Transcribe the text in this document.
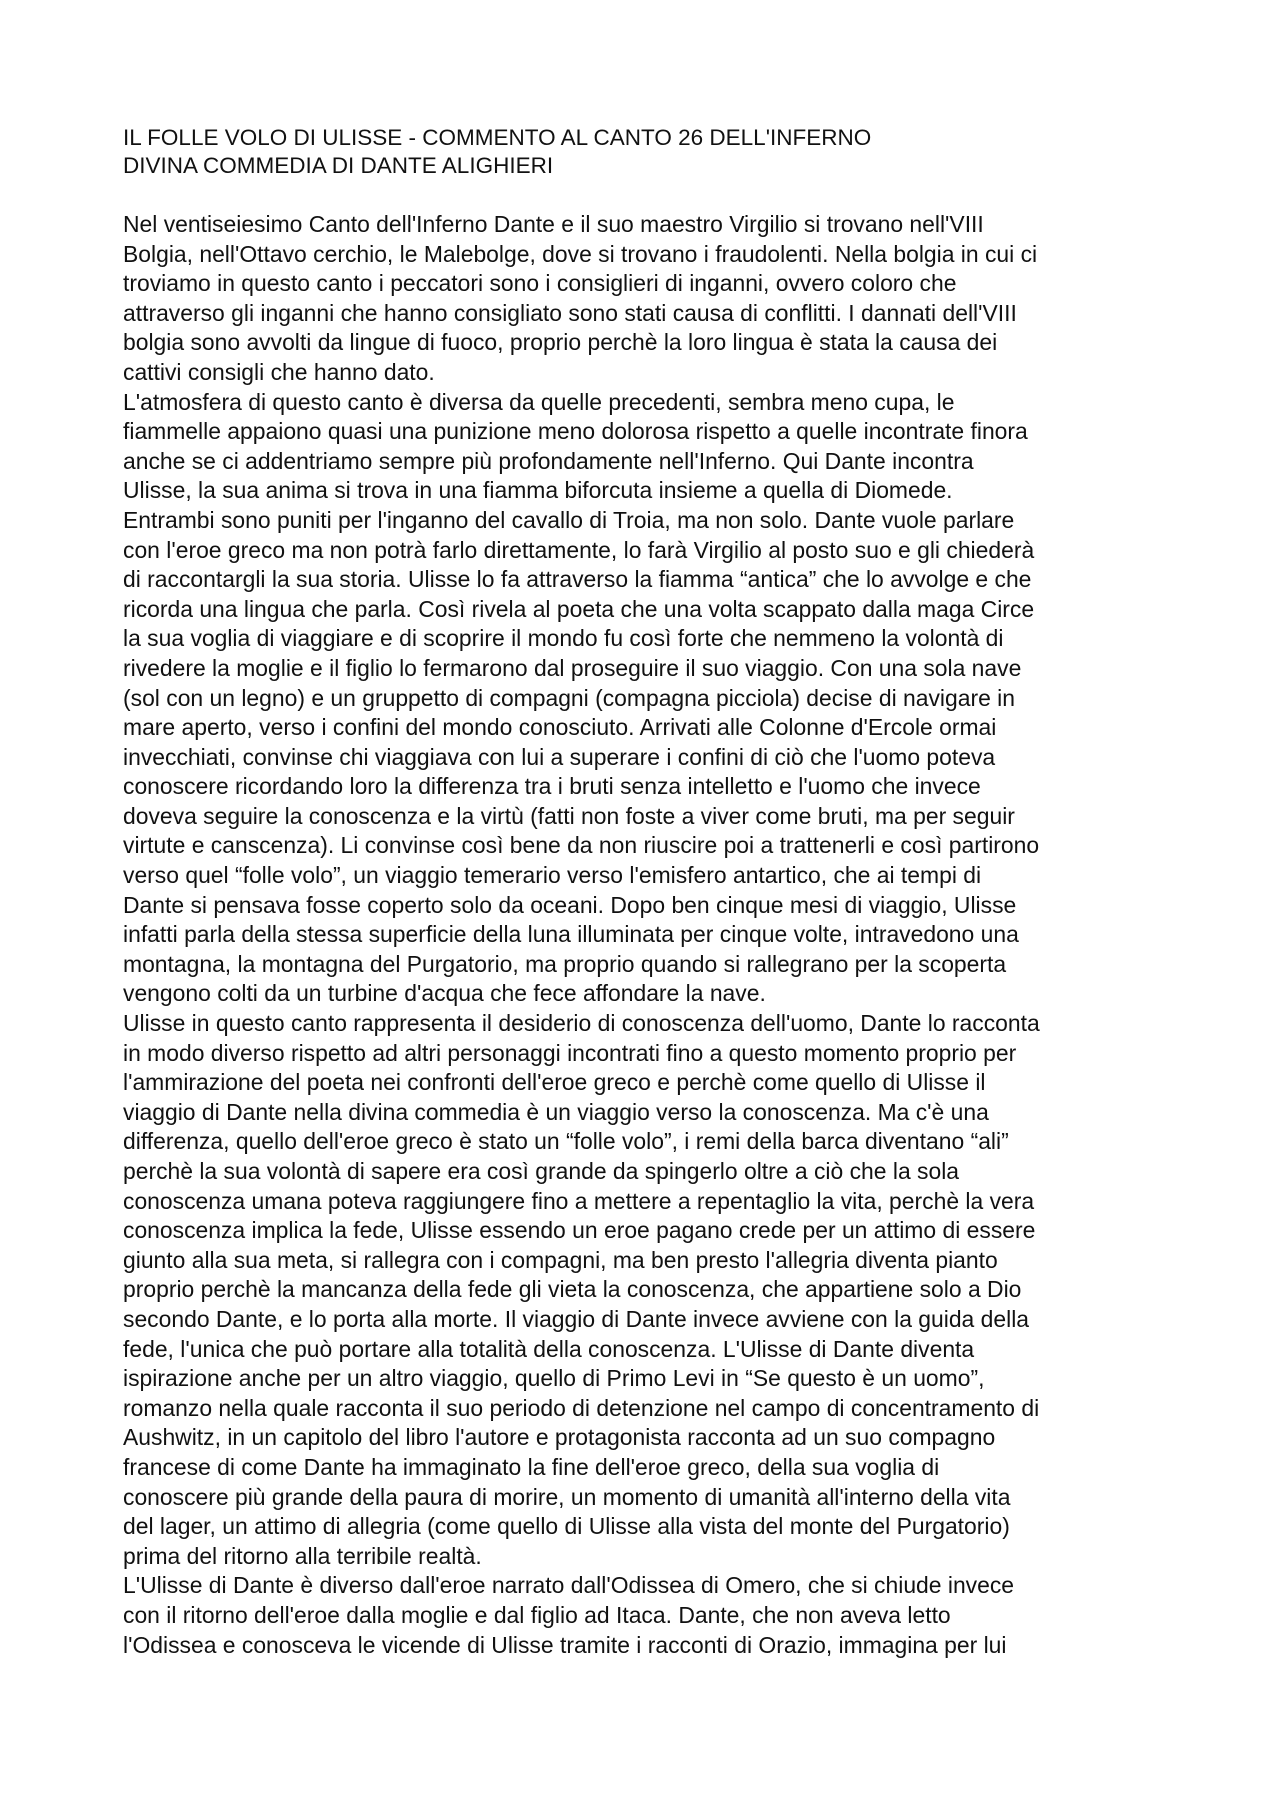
IL FOLLE VOLO DI ULISSE - COMMENTO AL CANTO 26 DELL'INFERNO
DIVINA COMMEDIA DI DANTE ALIGHIERI
Nel ventiseiesimo Canto dell'Inferno Dante e il suo maestro Virgilio si trovano nell'VIII
Bolgia, nell'Ottavo cerchio, le Malebolge, dove si trovano i fraudolenti. Nella bolgia in cui ci
troviamo in questo canto i peccatori sono i consiglieri di inganni, ovvero coloro che
attraverso gli inganni che hanno consigliato sono stati causa di conflitti. I dannati dell'VIII
bolgia sono avvolti da lingue di fuoco, proprio perchè la loro lingua è stata la causa dei
cattivi consigli che hanno dato.
L'atmosfera di questo canto è diversa da quelle precedenti, sembra meno cupa, le
fiammelle appaiono quasi una punizione meno dolorosa rispetto a quelle incontrate finora
anche se ci addentriamo sempre più profondamente nell'Inferno. Qui Dante incontra
Ulisse, la sua anima si trova in una fiamma biforcuta insieme a quella di Diomede.
Entrambi sono puniti per l'inganno del cavallo di Troia, ma non solo. Dante vuole parlare
con l'eroe greco ma non potrà farlo direttamente, lo farà Virgilio al posto suo e gli chiederà
di raccontargli la sua storia. Ulisse lo fa attraverso la fiamma “antica” che lo avvolge e che
ricorda una lingua che parla. Così rivela al poeta che una volta scappato dalla maga Circe
la sua voglia di viaggiare e di scoprire il mondo fu così forte che nemmeno la volontà di
rivedere la moglie e il figlio lo fermarono dal proseguire il suo viaggio. Con una sola nave
(sol con un legno) e un gruppetto di compagni (compagna picciola) decise di navigare in
mare aperto, verso i confini del mondo conosciuto. Arrivati alle Colonne d'Ercole ormai
invecchiati, convinse chi viaggiava con lui a superare i confini di ciò che l'uomo poteva
conoscere ricordando loro la differenza tra i bruti senza intelletto e l'uomo che invece
doveva seguire la conoscenza e la virtù (fatti non foste a viver come bruti, ma per seguir
virtute e canscenza). Li convinse così bene da non riuscire poi a trattenerli e così partirono
verso quel “folle volo”, un viaggio temerario verso l'emisfero antartico, che ai tempi di
Dante si pensava fosse coperto solo da oceani. Dopo ben cinque mesi di viaggio, Ulisse
infatti parla della stessa superficie della luna illuminata per cinque volte, intravedono una
montagna, la montagna del Purgatorio, ma proprio quando si rallegrano per la scoperta
vengono colti da un turbine d'acqua che fece affondare la nave.
Ulisse in questo canto rappresenta il desiderio di conoscenza dell'uomo, Dante lo racconta
in modo diverso rispetto ad altri personaggi incontrati fino a questo momento proprio per
l'ammirazione del poeta nei confronti dell'eroe greco e perchè come quello di Ulisse il
viaggio di Dante nella divina commedia è un viaggio verso la conoscenza. Ma c'è una
differenza, quello dell'eroe greco è stato un “folle volo”, i remi della barca diventano “ali”
perchè la sua volontà di sapere era così grande da spingerlo oltre a ciò che la sola
conoscenza umana poteva raggiungere fino a mettere a repentaglio la vita, perchè la vera
conoscenza implica la fede, Ulisse essendo un eroe pagano crede per un attimo di essere
giunto alla sua meta, si rallegra con i compagni, ma ben presto l'allegria diventa pianto
proprio perchè la mancanza della fede gli vieta la conoscenza, che appartiene solo a Dio
secondo Dante, e lo porta alla morte. Il viaggio di Dante invece avviene con la guida della
fede, l'unica che può portare alla totalità della conoscenza. L'Ulisse di Dante diventa
ispirazione anche per un altro viaggio, quello di Primo Levi in “Se questo è un uomo”,
romanzo nella quale racconta il suo periodo di detenzione nel campo di concentramento di
Aushwitz, in un capitolo del libro l'autore e protagonista racconta ad un suo compagno
francese di come Dante ha immaginato la fine dell'eroe greco, della sua voglia di
conoscere più grande della paura di morire, un momento di umanità all'interno della vita
del lager, un attimo di allegria (come quello di Ulisse alla vista del monte del Purgatorio)
prima del ritorno alla terribile realtà.
L'Ulisse di Dante è diverso dall'eroe narrato dall'Odissea di Omero, che si chiude invece
con il ritorno dell'eroe dalla moglie e dal figlio ad Itaca. Dante, che non aveva letto
l'Odissea e conosceva le vicende di Ulisse tramite i racconti di Orazio, immagina per lui
